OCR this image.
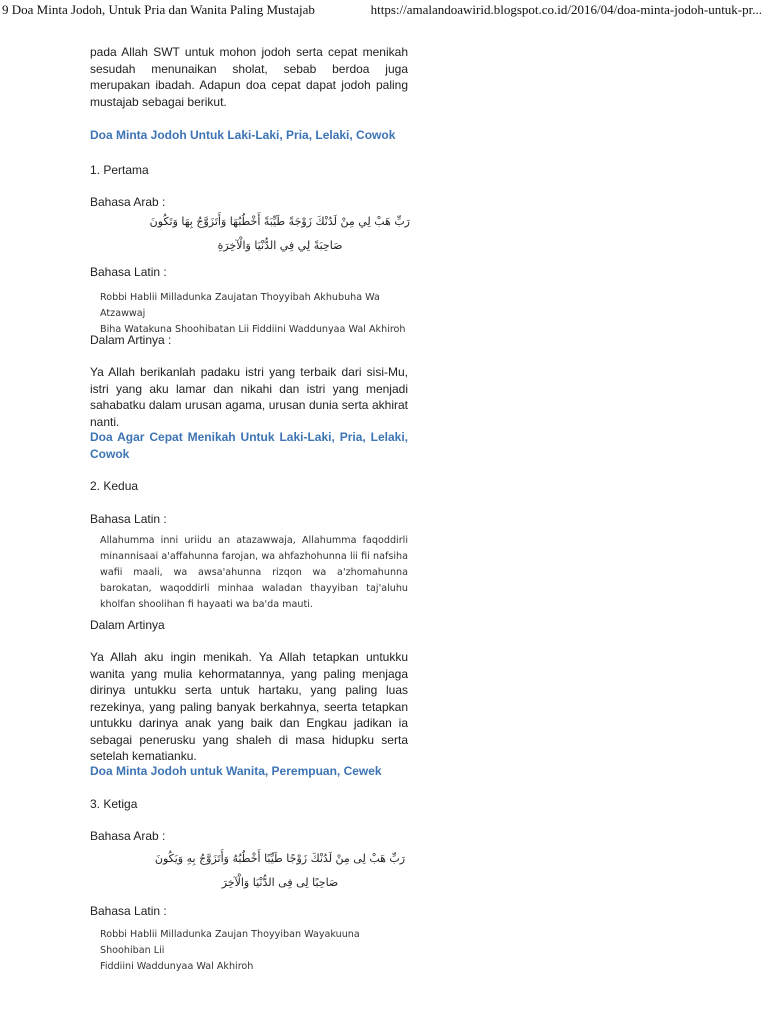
9 Doa Minta Jodoh, Untuk Pria dan Wanita Paling Mustajab	https://amalandoawirid.blogspot.co.id/2016/04/doa-minta-jodoh-untuk-pr...

pada Allah SWT untuk mohon jodoh serta cepat menikah sesudah menunaikan sholat, sebab berdoa juga merupakan ibadah. Adapun doa cepat dapat jodoh paling mustajab sebagai berikut.

Doa Minta Jodoh Untuk Laki-Laki, Pria, Lelaki, Cowok

1. Pertama

Bahasa Arab :

رَبِّ هَبْ لِي مِنْ لَدُنْكَ زَوْجَةً طَيِّبَةً أَخْطُبُهَا وَأَتَزَوَّجُ بِهَا وَتَكُونَ
صَاحِبَةً لِي فِي الدُّنْيَا وَالْآخِرَةِ

Bahasa Latin :

Robbi Hablii Milladunka Zaujatan Thoyyibah Akhubuha Wa Atzawwaj
Biha Watakuna Shoohibatan Lii Fiddiini Waddunyaa Wal Akhiroh

Dalam Artinya :

Ya Allah berikanlah padaku istri yang terbaik dari sisi-Mu, istri yang aku lamar dan nikahi dan istri yang menjadi sahabatku dalam urusan agama, urusan dunia serta akhirat nanti.

Doa Agar Cepat Menikah Untuk Laki-Laki, Pria, Lelaki, Cowok

2. Kedua

Bahasa Latin :

Allahumma inni uriidu an atazawwaja, Allahumma faqoddirli minannisaai a'affahunna farojan, wa ahfazhohunna lii fii nafsiha wafii maali, wa awsa'ahunna rizqon wa a'zhomahunna barokatan, waqoddirli minhaa waladan thayyiban taj'aluhu kholfan shoolihan fi hayaati wa ba'da mauti.

Dalam Artinya

Ya Allah aku ingin menikah. Ya Allah tetapkan untukku wanita yang mulia kehormatannya, yang paling menjaga dirinya untukku serta untuk hartaku, yang paling luas rezekinya, yang paling banyak berkahnya, seerta tetapkan untukku darinya anak yang baik dan Engkau jadikan ia sebagai penerusku yang shaleh di masa hidupku serta setelah kematianku.

Doa Minta Jodoh untuk Wanita, Perempuan, Cewek

3. Ketiga

Bahasa Arab :

رَبِّ هَبْ لِى مِنْ لَدُنْكَ زَوْجًا طَيِّبًا أَخْطُبُهُ وَأَتَزَوَّجُ بِهِ وَيَكُونَ
صَاحِبًا لِى فِى الدُّنْيَا وَالْآخِرَ

Bahasa Latin :

Robbi Hablii Milladunka Zaujan Thoyyiban Wayakuuna Shoohiban Lii
Fiddiini Waddunyaa Wal Akhiroh
